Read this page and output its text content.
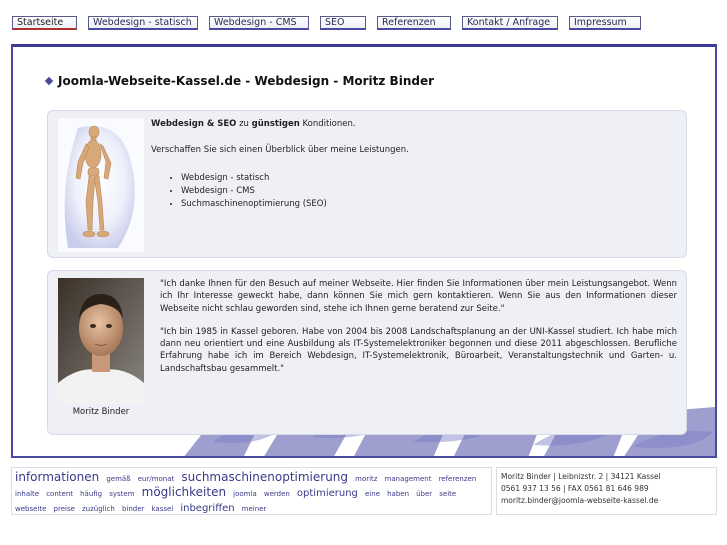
Startseite	Webdesign - statisch	Webdesign - CMS	SEO	Referenzen	Kontakt / Anfrage	Impressum
Joomla-Webseite-Kassel.de - Webdesign - Moritz Binder

Webdesign & SEO zu günstigen Konditionen.

Verschaffen Sie sich einen Überblick über meine Leistungen.

• Webdesign - statisch
• Webdesign - CMS
• Suchmaschinenoptimierung (SEO)
Moritz Binder

"Ich danke Ihnen für den Besuch auf meiner Webseite. Hier finden Sie Informationen über mein Leistungsangebot. Wenn ich Ihr Interesse geweckt habe, dann können Sie mich gern kontaktieren. Wenn Sie aus den Informationen dieser Webseite nicht schlau geworden sind, stehe ich Ihnen gerne beratend zur Seite."

"Ich bin 1985 in Kassel geboren. Habe von 2004 bis 2008 Landschaftsplanung an der UNI-Kassel studiert. Ich habe mich dann neu orientiert und eine Ausbildung als IT-Systemelektroniker begonnen und diese 2011 abgeschlossen. Berufliche Erfahrung habe ich im Bereich Webdesign, IT-Systemelektronik, Büroarbeit, Veranstaltungstechnik und Garten- u. Landschaftsbau gesammelt."

informationen gemäß eur/monat suchmaschinenoptimierung moritz management referenzen inhalte content häufig system möglichkeiten joomla werden optimierung eine haben über seite webseite preise zuzüglich binder kassel inbegriffen meiner
Moritz Binder | Leibnizstr. 2 | 34121 Kassel
0561 937 13 56 | FAX 0561 81 646 989
moritz.binder@joomla-webseite-kassel.de
